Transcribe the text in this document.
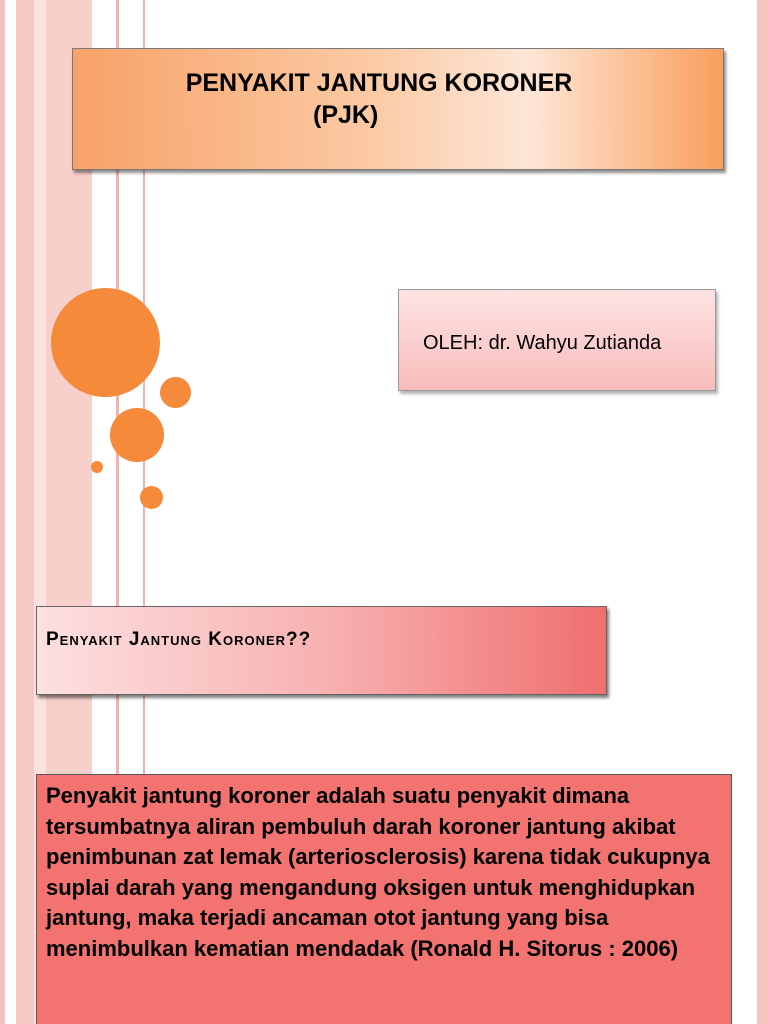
PENYAKIT JANTUNG KORONER
(PJK)
OLEH: dr. Wahyu Zutianda
Penyakit Jantung Koroner??
Penyakit jantung koroner adalah suatu penyakit dimana tersumbatnya aliran pembuluh darah koroner jantung akibat penimbunan zat lemak (arteriosclerosis) karena tidak cukupnya suplai darah yang mengandung oksigen untuk menghidupkan jantung, maka terjadi ancaman otot jantung yang bisa menimbulkan kematian mendadak (Ronald H. Sitorus : 2006)
